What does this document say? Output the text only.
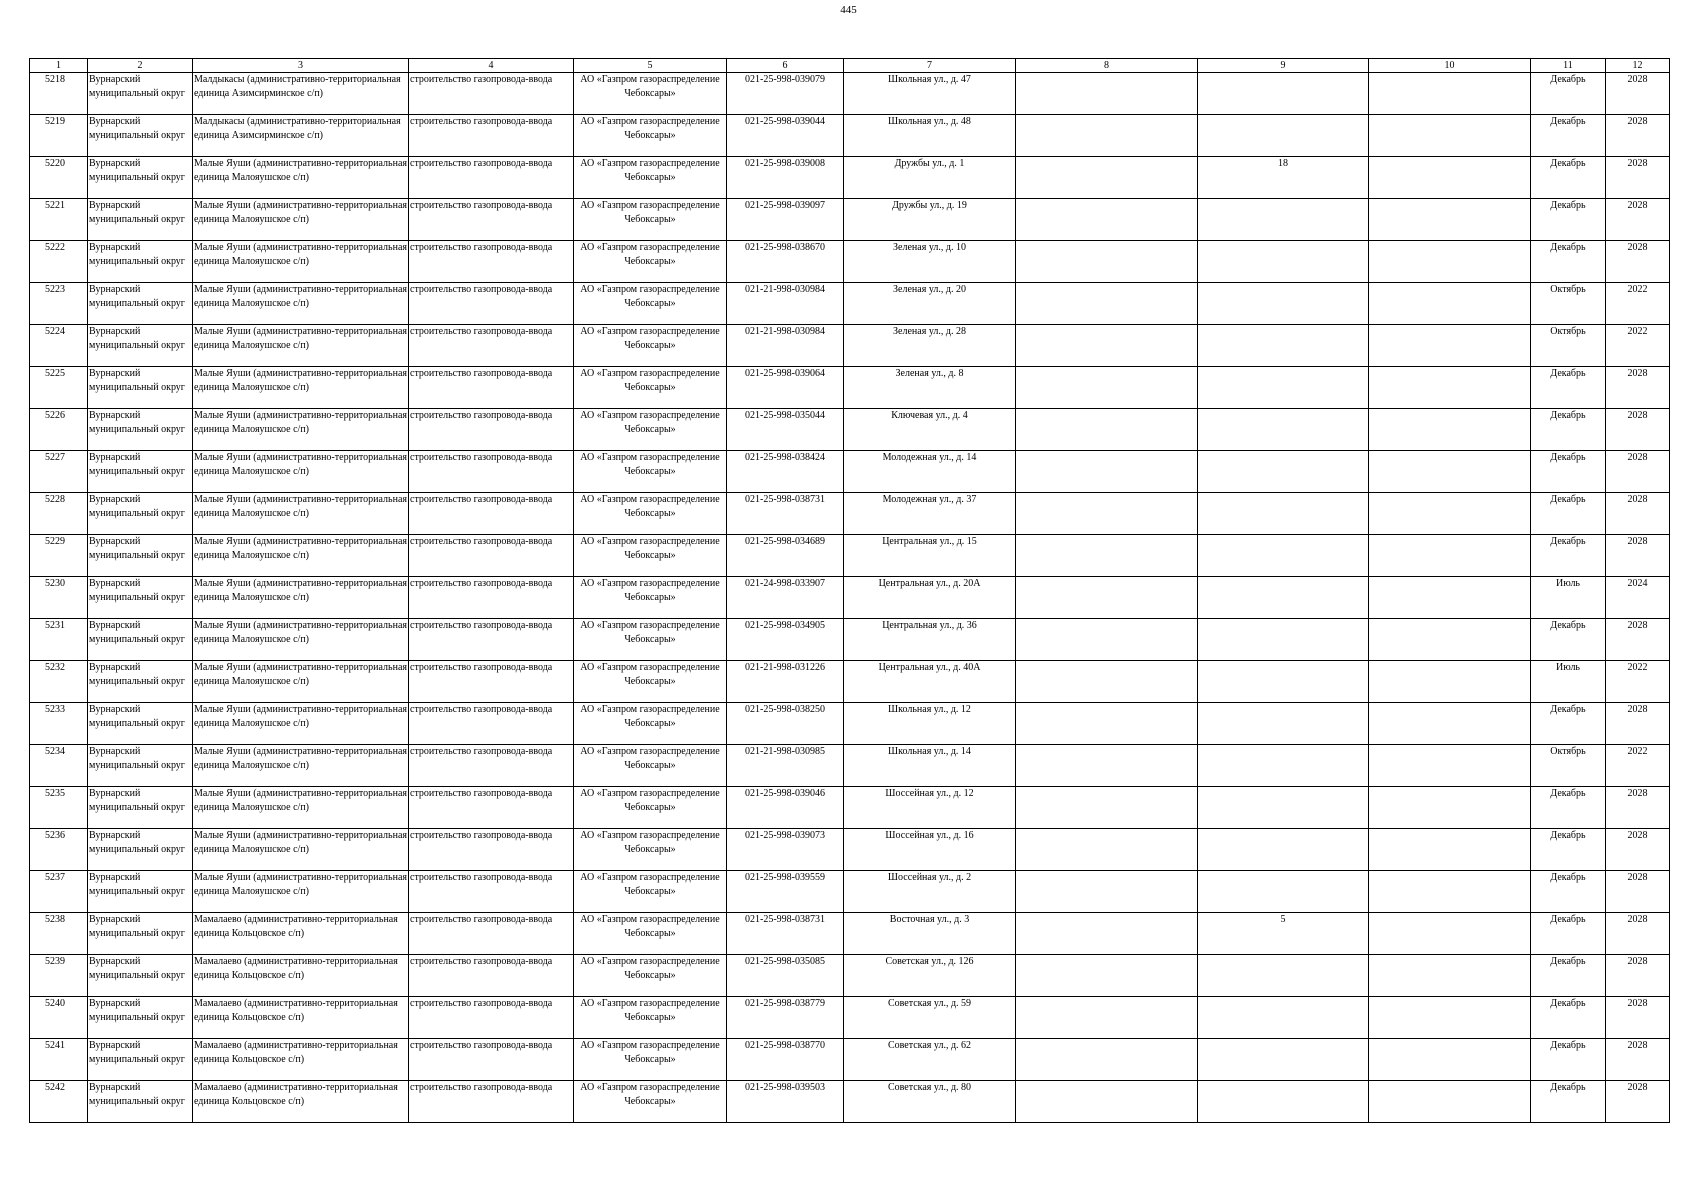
445
1	2	3	4	5	6	7	8	9	10	11	12

5218	Вурнарский муниципальный округ	Малдыкасы (административно-территориальная единица Азимсирминское с/п)	строительство газопровода-ввода	АО «Газпром газораспределение Чебоксары»	021-25-998-039079	Школьная ул., д. 47				Декабрь	2028

5219	Вурнарский муниципальный округ	Малдыкасы (административно-территориальная единица Азимсирминское с/п)	строительство газопровода-ввода	АО «Газпром газораспределение Чебоксары»	021-25-998-039044	Школьная ул., д. 48				Декабрь	2028

5220	Вурнарский муниципальный округ	Малые Яуши (административно-территориальная единица Малояушское с/п)	строительство газопровода-ввода	АО «Газпром газораспределение Чебоксары»	021-25-998-039008	Дружбы ул., д. 1		18		Декабрь	2028

5221	Вурнарский муниципальный округ	Малые Яуши (административно-территориальная единица Малояушское с/п)	строительство газопровода-ввода	АО «Газпром газораспределение Чебоксары»	021-25-998-039097	Дружбы ул., д. 19				Декабрь	2028

5222	Вурнарский муниципальный округ	Малые Яуши (административно-территориальная единица Малояушское с/п)	строительство газопровода-ввода	АО «Газпром газораспределение Чебоксары»	021-25-998-038670	Зеленая ул., д. 10				Декабрь	2028

5223	Вурнарский муниципальный округ	Малые Яуши (административно-территориальная единица Малояушское с/п)	строительство газопровода-ввода	АО «Газпром газораспределение Чебоксары»	021-21-998-030984	Зеленая ул., д. 20				Октябрь	2022

5224	Вурнарский муниципальный округ	Малые Яуши (административно-территориальная единица Малояушское с/п)	строительство газопровода-ввода	АО «Газпром газораспределение Чебоксары»	021-21-998-030984	Зеленая ул., д. 28				Октябрь	2022

5225	Вурнарский муниципальный округ	Малые Яуши (административно-территориальная единица Малояушское с/п)	строительство газопровода-ввода	АО «Газпром газораспределение Чебоксары»	021-25-998-039064	Зеленая ул., д. 8				Декабрь	2028

5226	Вурнарский муниципальный округ	Малые Яуши (административно-территориальная единица Малояушское с/п)	строительство газопровода-ввода	АО «Газпром газораспределение Чебоксары»	021-25-998-035044	Ключевая ул., д. 4				Декабрь	2028

5227	Вурнарский муниципальный округ	Малые Яуши (административно-территориальная единица Малояушское с/п)	строительство газопровода-ввода	АО «Газпром газораспределение Чебоксары»	021-25-998-038424	Молодежная ул., д. 14				Декабрь	2028

5228	Вурнарский муниципальный округ	Малые Яуши (административно-территориальная единица Малояушское с/п)	строительство газопровода-ввода	АО «Газпром газораспределение Чебоксары»	021-25-998-038731	Молодежная ул., д. 37				Декабрь	2028

5229	Вурнарский муниципальный округ	Малые Яуши (административно-территориальная единица Малояушское с/п)	строительство газопровода-ввода	АО «Газпром газораспределение Чебоксары»	021-25-998-034689	Центральная ул., д. 15				Декабрь	2028

5230	Вурнарский муниципальный округ	Малые Яуши (административно-территориальная единица Малояушское с/п)	строительство газопровода-ввода	АО «Газпром газораспределение Чебоксары»	021-24-998-033907	Центральная ул., д. 20А				Июль	2024

5231	Вурнарский муниципальный округ	Малые Яуши (административно-территориальная единица Малояушское с/п)	строительство газопровода-ввода	АО «Газпром газораспределение Чебоксары»	021-25-998-034905	Центральная ул., д. 36				Декабрь	2028

5232	Вурнарский муниципальный округ	Малые Яуши (административно-территориальная единица Малояушское с/п)	строительство газопровода-ввода	АО «Газпром газораспределение Чебоксары»	021-21-998-031226	Центральная ул., д. 40А				Июль	2022

5233	Вурнарский муниципальный округ	Малые Яуши (административно-территориальная единица Малояушское с/п)	строительство газопровода-ввода	АО «Газпром газораспределение Чебоксары»	021-25-998-038250	Школьная ул., д. 12				Декабрь	2028

5234	Вурнарский муниципальный округ	Малые Яуши (административно-территориальная единица Малояушское с/п)	строительство газопровода-ввода	АО «Газпром газораспределение Чебоксары»	021-21-998-030985	Школьная ул., д. 14				Октябрь	2022

5235	Вурнарский муниципальный округ	Малые Яуши (административно-территориальная единица Малояушское с/п)	строительство газопровода-ввода	АО «Газпром газораспределение Чебоксары»	021-25-998-039046	Шоссейная ул., д. 12				Декабрь	2028

5236	Вурнарский муниципальный округ	Малые Яуши (административно-территориальная единица Малояушское с/п)	строительство газопровода-ввода	АО «Газпром газораспределение Чебоксары»	021-25-998-039073	Шоссейная ул., д. 16				Декабрь	2028

5237	Вурнарский муниципальный округ	Малые Яуши (административно-территориальная единица Малояушское с/п)	строительство газопровода-ввода	АО «Газпром газораспределение Чебоксары»	021-25-998-039559	Шоссейная ул., д. 2				Декабрь	2028

5238	Вурнарский муниципальный округ	Мамалаево (административно-территориальная единица Кольцовское с/п)	строительство газопровода-ввода	АО «Газпром газораспределение Чебоксары»	021-25-998-038731	Восточная ул., д. 3		5		Декабрь	2028

5239	Вурнарский муниципальный округ	Мамалаево (административно-территориальная единица Кольцовское с/п)	строительство газопровода-ввода	АО «Газпром газораспределение Чебоксары»	021-25-998-035085	Советская ул., д. 126				Декабрь	2028

5240	Вурнарский муниципальный округ	Мамалаево (административно-территориальная единица Кольцовское с/п)	строительство газопровода-ввода	АО «Газпром газораспределение Чебоксары»	021-25-998-038779	Советская ул., д. 59				Декабрь	2028

5241	Вурнарский муниципальный округ	Мамалаево (административно-территориальная единица Кольцовское с/п)	строительство газопровода-ввода	АО «Газпром газораспределение Чебоксары»	021-25-998-038770	Советская ул., д. 62				Декабрь	2028

5242	Вурнарский муниципальный округ	Мамалаево (административно-территориальная единица Кольцовское с/п)	строительство газопровода-ввода	АО «Газпром газораспределение Чебоксары»	021-25-998-039503	Советская ул., д. 80				Декабрь	2028
